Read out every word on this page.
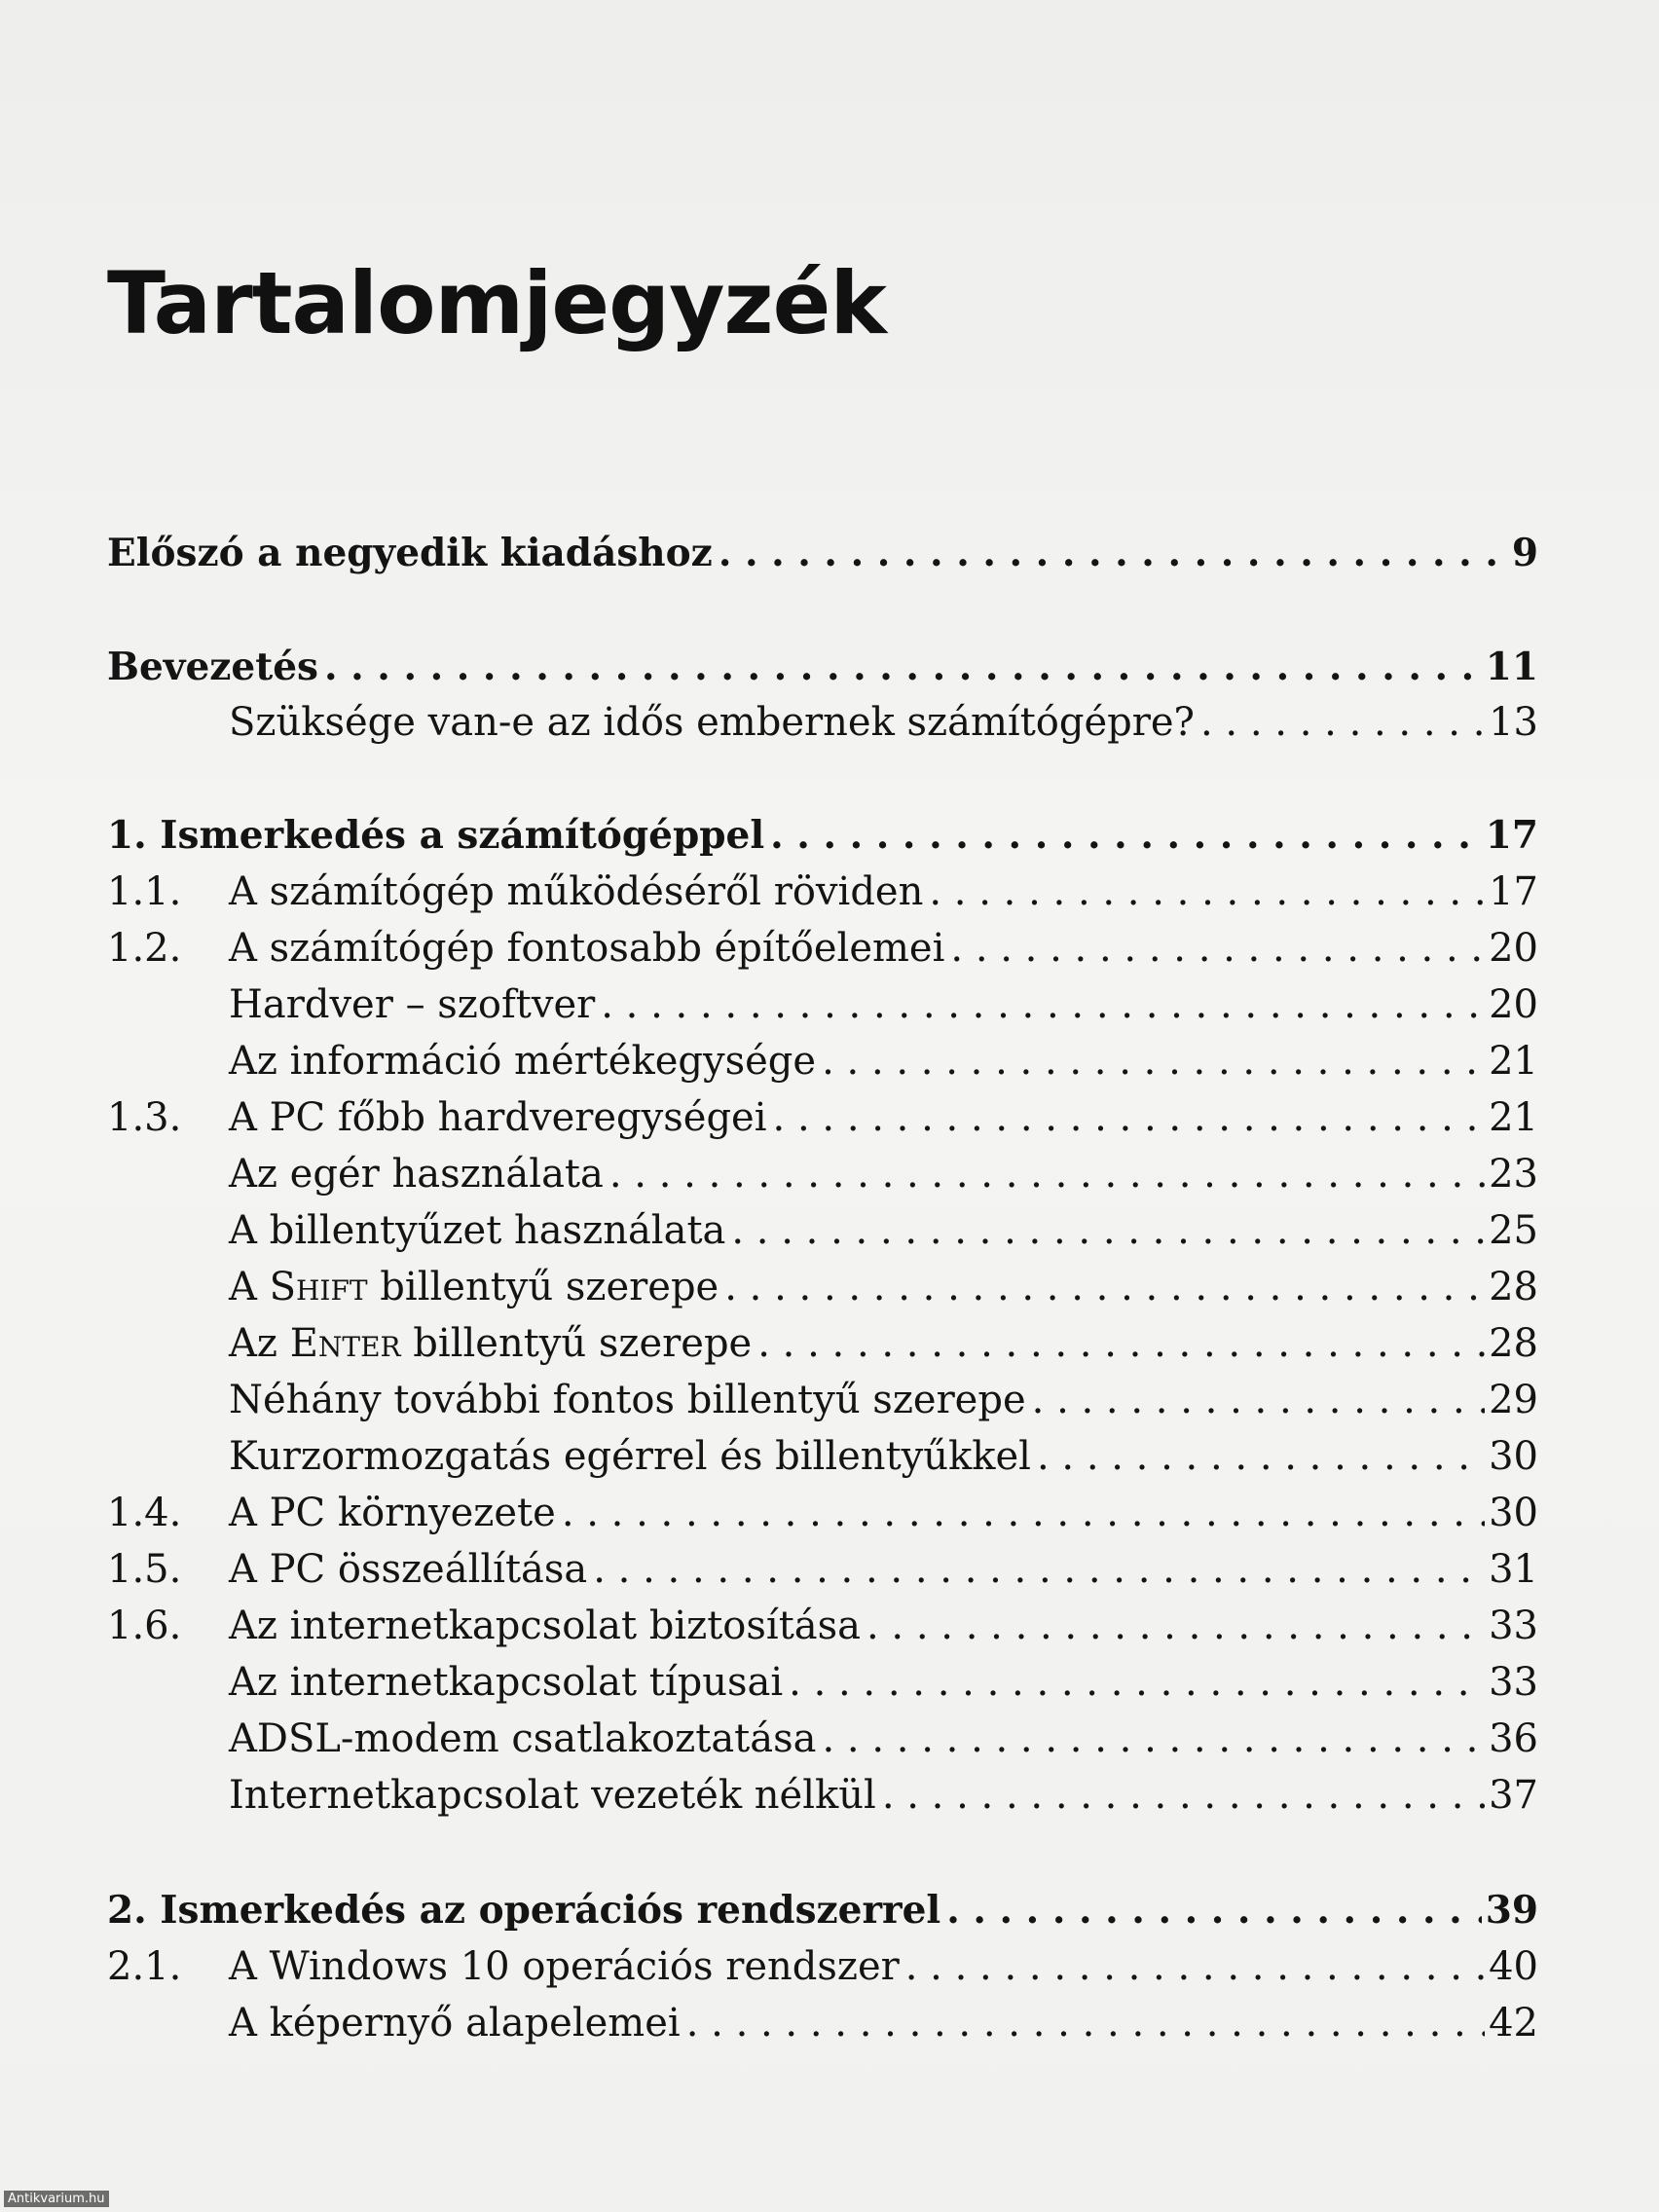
Tartalomjegyzék
Előszó a negyedik kiadáshoz . . .	9
Bevezetés . . .	11
Szüksége van-e az idős embernek számítógépre? . . .	13
1. Ismerkedés a számítógéppel . . .	17
1.1.	A számítógép működéséről röviden . . .	17
1.2.	A számítógép fontosabb építőelemei . . .	20
Hardver – szoftver . . .	20
Az információ mértékegysége . . .	21
1.3.	A PC főbb hardveregységei . . .	21
Az egér használata . . .	23
A billentyűzet használata . . .	25
A Shift billentyű szerepe . . .	28
Az Enter billentyű szerepe . . .	28
Néhány további fontos billentyű szerepe . . .	29
Kurzormozgatás egérrel és billentyűkkel . . .	30
1.4.	A PC környezete . . .	30
1.5.	A PC összeállítása . . .	31
1.6.	Az internetkapcsolat biztosítása . . .	33
Az internetkapcsolat típusai . . .	33
ADSL-modem csatlakoztatása . . .	36
Internetkapcsolat vezeték nélkül . . .	37
2. Ismerkedés az operációs rendszerrel . . .	39
2.1.	A Windows 10 operációs rendszer . . .	40
A képernyő alapelemei . . .	42
Antikvarium.hu
